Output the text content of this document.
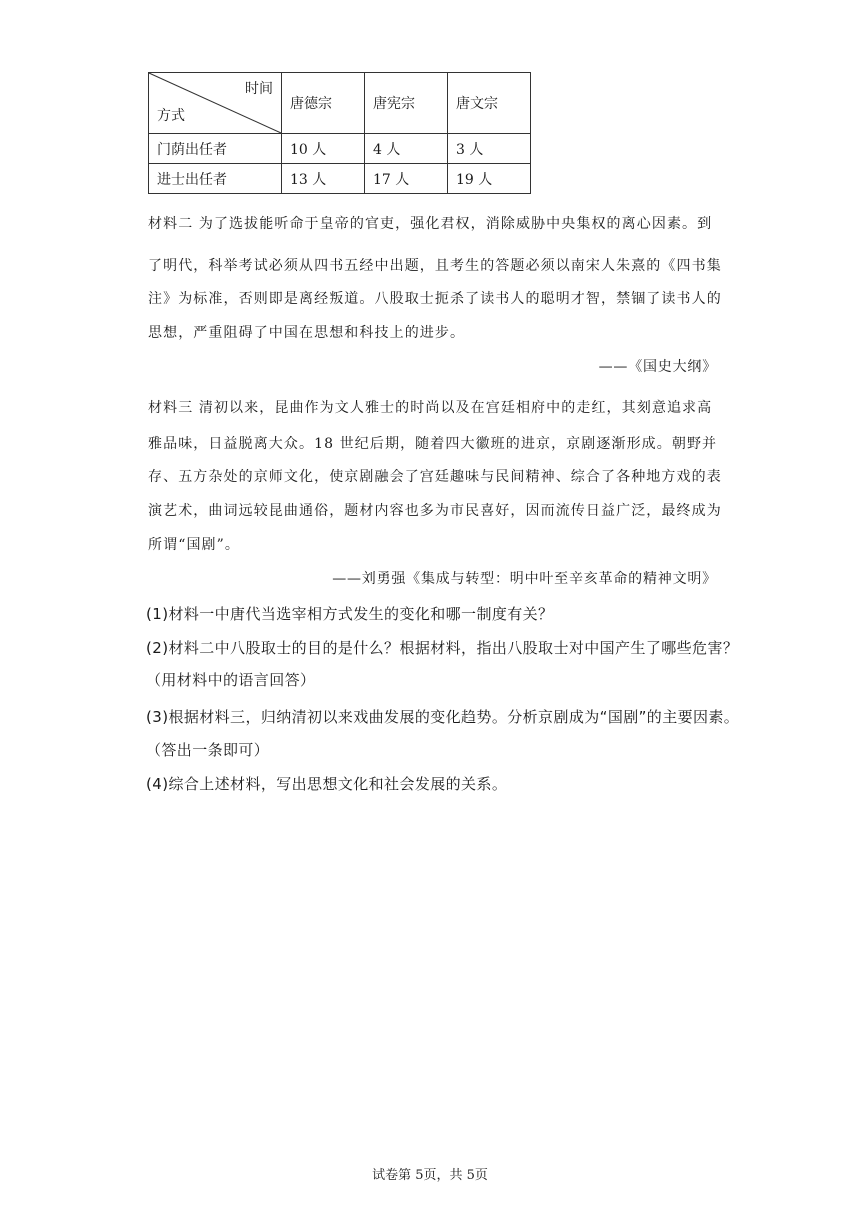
时间
方式	唐德宗	唐宪宗	唐文宗
门荫出任者	10 人	4 人	3 人
进士出任者	13 人	17 人	19 人
材料二 为了选拔能听命于皇帝的官吏，强化君权，消除威胁中央集权的离心因素。到
了明代，科举考试必须从四书五经中出题，且考生的答题必须以南宋人朱熹的《四书集
注》为标准，否则即是离经叛道。八股取士扼杀了读书人的聪明才智，禁锢了读书人的
思想，严重阻碍了中国在思想和科技上的进步。
——《国史大纲》
材料三 清初以来，昆曲作为文人雅士的时尚以及在宫廷相府中的走红，其刻意追求高
雅品味，日益脱离大众。18 世纪后期，随着四大徽班的进京，京剧逐渐形成。朝野并
存、五方杂处的京师文化，使京剧融会了宫廷趣味与民间精神、综合了各种地方戏的表
演艺术，曲词远较昆曲通俗，题材内容也多为市民喜好，因而流传日益广泛，最终成为
所谓“国剧”。
——刘勇强《集成与转型：明中叶至辛亥革命的精神文明》
(1)材料一中唐代当选宰相方式发生的变化和哪一制度有关？
(2)材料二中八股取士的目的是什么？根据材料，指出八股取士对中国产生了哪些危害？
（用材料中的语言回答）
(3)根据材料三，归纳清初以来戏曲发展的变化趋势。分析京剧成为“国剧”的主要因素。
（答出一条即可）
(4)综合上述材料，写出思想文化和社会发展的关系。
试卷第 5页，共 5页
